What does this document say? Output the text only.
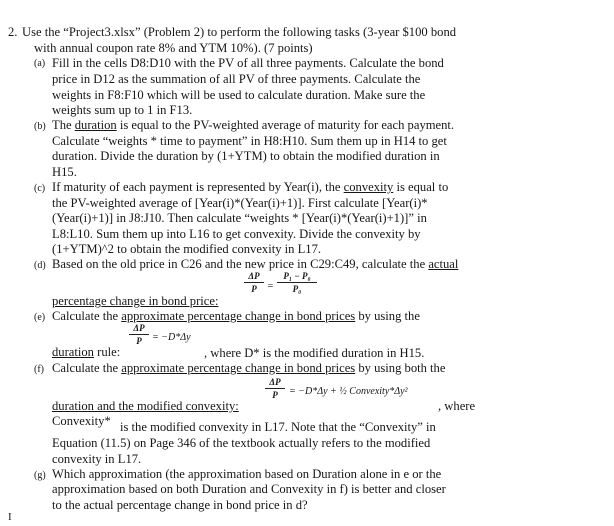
2. Use the “Project3.xlsx” (Problem 2) to perform the following tasks (3-year $100 bond
with annual coupon rate 8% and YTM 10%). (7 points)
(a) Fill in the cells D8:D10 with the PV of all three payments. Calculate the bond
price in D12 as the summation of all PV of three payments. Calculate the
weights in F8:F10 which will be used to calculate duration. Make sure the
weights sum up to 1 in F13.
(b) The duration is equal to the PV-weighted average of maturity for each payment.
Calculate “weights * time to payment” in H8:H10. Sum them up in H14 to get
duration. Divide the duration by (1+YTM) to obtain the modified duration in
H15.
(c) If maturity of each payment is represented by Year(i), the convexity is equal to
the PV-weighted average of [Year(i)*(Year(i)+1)]. First calculate [Year(i)*
(Year(i)+1)] in J8:J10. Then calculate “weights * [Year(i)*(Year(i)+1)]” in
L8:L10. Sum them up into L16 to get convexity. Divide the convexity by
(1+YTM)^2 to obtain the modified convexity in L17.
(d) Based on the old price in C26 and the new price in C29:C49, calculate the actual
percentage change in bond price:
ΔP
P	=
P₁ − P₀
P₀
(e) Calculate the approximate percentage change in bond prices by using the
duration rule:
ΔP
P	= −D*Δy
, where D* is the modified duration in H15.
(f) Calculate the approximate percentage change in bond prices by using both the
duration and the modified convexity:
ΔP
P	= −D*Δy + ½ Convexity*Δy²
, where
Convexity* is the modified convexity in L17. Note that the “Convexity” in
Equation (11.5) on Page 346 of the textbook actually refers to the modified
convexity in L17.
(g) Which approximation (the approximation based on Duration alone in e or the
approximation based on both Duration and Convexity in f) is better and closer
to the actual percentage change in bond price in d?
I
